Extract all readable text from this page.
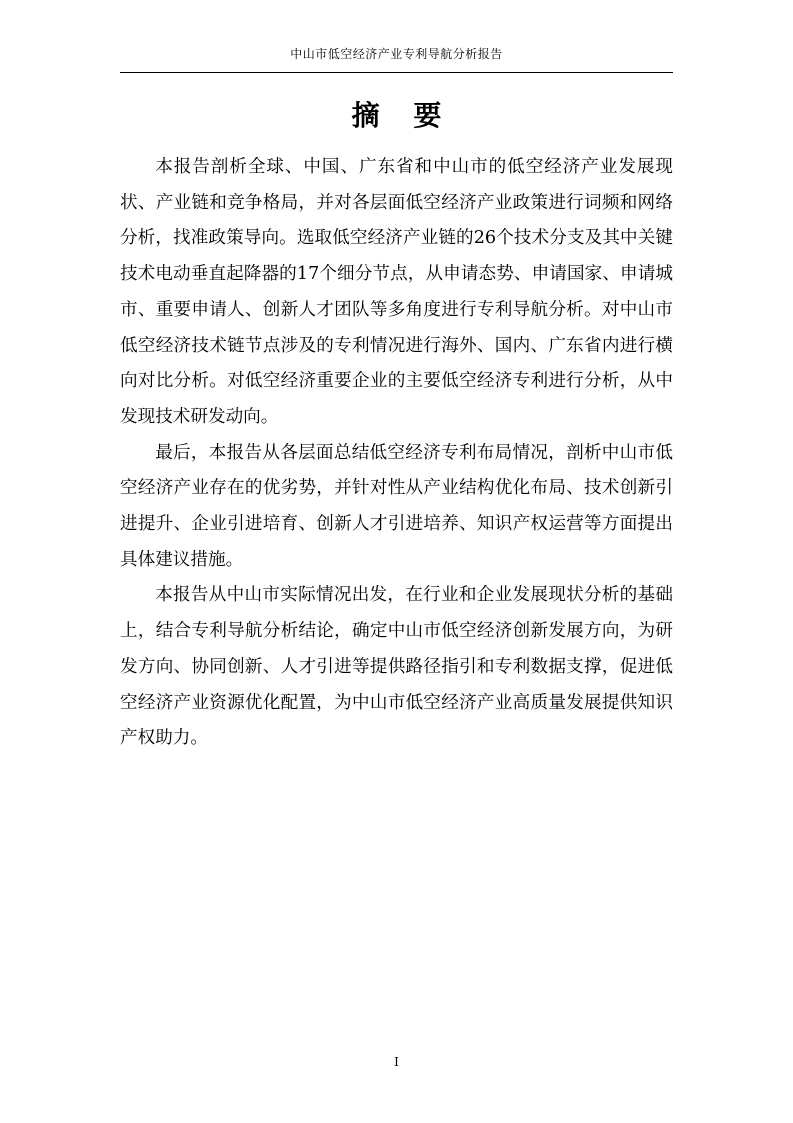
中山市低空经济产业专利导航分析报告
摘 要

本报告剖析全球、中国、广东省和中山市的低空经济产业发展现状、产业链和竞争格局，并对各层面低空经济产业政策进行词频和网络分析，找准政策导向。选取低空经济产业链的26个技术分支及其中关键技术电动垂直起降器的17个细分节点，从申请态势、申请国家、申请城市、重要申请人、创新人才团队等多角度进行专利导航分析。对中山市低空经济技术链节点涉及的专利情况进行海外、国内、广东省内进行横向对比分析。对低空经济重要企业的主要低空经济专利进行分析，从中发现技术研发动向。

最后，本报告从各层面总结低空经济专利布局情况，剖析中山市低空经济产业存在的优劣势，并针对性从产业结构优化布局、技术创新引进提升、企业引进培育、创新人才引进培养、知识产权运营等方面提出具体建议措施。

本报告从中山市实际情况出发，在行业和企业发展现状分析的基础上，结合专利导航分析结论，确定中山市低空经济创新发展方向，为研发方向、协同创新、人才引进等提供路径指引和专利数据支撑，促进低空经济产业资源优化配置，为中山市低空经济产业高质量发展提供知识产权助力。

I
